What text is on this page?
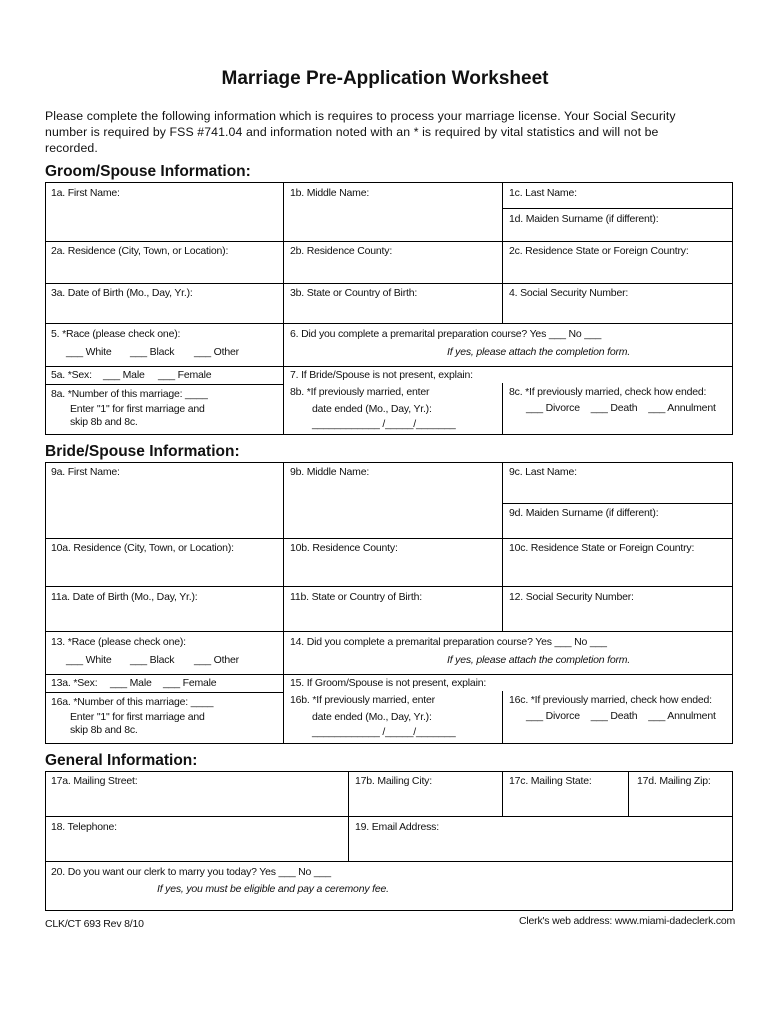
Marriage Pre-Application Worksheet
Please complete the following information which is requires to process your marriage license. Your Social Security number is required by FSS #741.04 and information noted with an * is required by vital statistics and will not be recorded.
Groom/Spouse Information:
1a. First Name:	1b. Middle Name:	1c. Last Name:
1d. Maiden Surname (if different):
2a. Residence (City, Town, or Location):	2b. Residence County:	2c. Residence State or Foreign Country:
3a. Date of Birth (Mo., Day, Yr.):	3b. State or Country of Birth:	4. Social Security Number:
5. *Race (please check one):
___ White ___ Black ___ Other
6. Did you complete a premarital preparation course? Yes ___ No ___
If yes, please attach the completion form.
5a. *Sex: ___ Male ___ Female	7. If Bride/Spouse is not present, explain:
8a. *Number of this marriage: ____
Enter "1" for first marriage and
skip 8b and 8c.
8b. *If previously married, enter
date ended (Mo., Day, Yr.):
____________ /_____/_______
8c. *If previously married, check how ended:
___ Divorce    ___ Death    ___ Annulment
Bride/Spouse Information:
9a. First Name:	9b. Middle Name:	9c. Last Name:
9d. Maiden Surname (if different):
10a. Residence (City, Town, or Location):	10b. Residence County:	10c. Residence State or Foreign Country:
11a. Date of Birth (Mo., Day, Yr.):	11b. State or Country of Birth:	12. Social Security Number:
13. *Race (please check one):
___ White ___ Black ___ Other
14. Did you complete a premarital preparation course? Yes ___ No ___
If yes, please attach the completion form.
13a. *Sex: ___ Male ___ Female	15. If Groom/Spouse is not present, explain:
16a. *Number of this marriage: ____
Enter "1" for first marriage and
skip 8b and 8c.
16b. *If previously married, enter
date ended (Mo., Day, Yr.):
____________ /_____/_______
16c. *If previously married, check how ended:
___ Divorce    ___ Death    ___ Annulment
General Information:
17a. Mailing Street:	17b. Mailing City:	17c. Mailing State:	17d. Mailing Zip:
18. Telephone:	19. Email Address:
20. Do you want our clerk to marry you today? Yes ___ No ___
If yes, you must be eligible and pay a ceremony fee.
CLK/CT 693 Rev 8/10	Clerk's web address: www.miami-dadeclerk.com
